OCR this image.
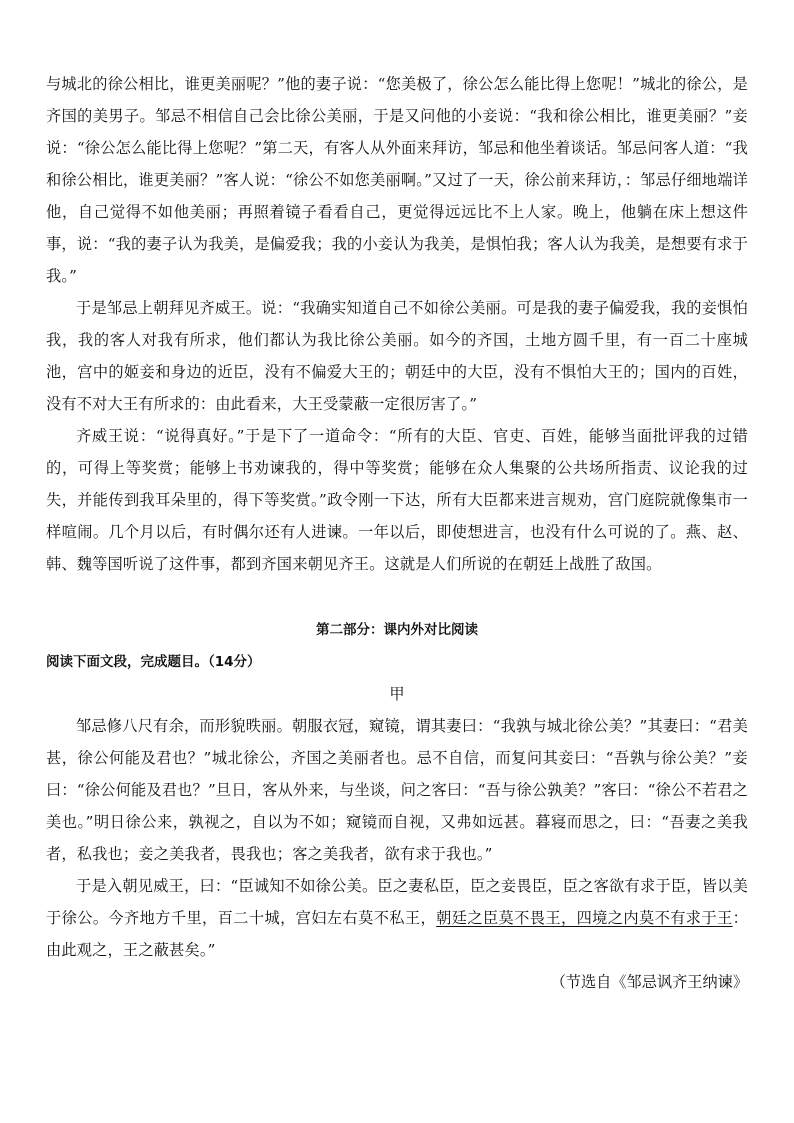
与城北的徐公相比，谁更美丽呢？”他的妻子说：“您美极了，徐公怎么能比得上您呢！”城北的徐公，是齐国的美男子。邹忌不相信自己会比徐公美丽，于是又问他的小妾说：“我和徐公相比，谁更美丽？”妾说：“徐公怎么能比得上您呢？”第二天，有客人从外面来拜访，邹忌和他坐着谈话。邹忌问客人道：“我和徐公相比，谁更美丽？”客人说：“徐公不如您美丽啊。”又过了一天，徐公前来拜访，：邹忌仔细地端详他，自己觉得不如他美丽；再照着镜子看看自己，更觉得远远比不上人家。晚上，他躺在床上想这件事，说：“我的妻子认为我美，是偏爱我；我的小妾认为我美，是惧怕我；客人认为我美，是想要有求于我。”

于是邹忌上朝拜见齐威王。说：“我确实知道自己不如徐公美丽。可是我的妻子偏爱我，我的妾惧怕我，我的客人对我有所求，他们都认为我比徐公美丽。如今的齐国，土地方圆千里，有一百二十座城池，宫中的姬妾和身边的近臣，没有不偏爱大王的；朝廷中的大臣，没有不惧怕大王的；国内的百姓，没有不对大王有所求的：由此看来，大王受蒙蔽一定很厉害了。”

齐威王说：“说得真好。”于是下了一道命令：“所有的大臣、官吏、百姓，能够当面批评我的过错的，可得上等奖赏；能够上书劝谏我的，得中等奖赏；能够在众人集聚的公共场所指责、议论我的过失，并能传到我耳朵里的，得下等奖赏。”政令刚一下达，所有大臣都来进言规劝，宫门庭院就像集市一样喧闹。几个月以后，有时偶尔还有人进谏。一年以后，即使想进言，也没有什么可说的了。燕、赵、韩、魏等国听说了这件事，都到齐国来朝见齐王。这就是人们所说的在朝廷上战胜了敌国。

第二部分：课内外对比阅读

阅读下面文段，完成题目。（14分）

甲

邹忌修八尺有余，而形貌昳丽。朝服衣冠，窥镜，谓其妻曰：“我孰与城北徐公美？”其妻曰：“君美甚，徐公何能及君也？”城北徐公，齐国之美丽者也。忌不自信，而复问其妾曰：“吾孰与徐公美？”妾曰：“徐公何能及君也？”旦日，客从外来，与坐谈，问之客曰：“吾与徐公孰美？”客曰：“徐公不若君之美也。”明日徐公来，孰视之，自以为不如；窥镜而自视，又弗如远甚。暮寝而思之，曰：“吾妻之美我者，私我也；妾之美我者，畏我也；客之美我者，欲有求于我也。”

于是入朝见威王，曰：“臣诚知不如徐公美。臣之妻私臣，臣之妾畏臣，臣之客欲有求于臣，皆以美于徐公。今齐地方千里，百二十城，宫妇左右莫不私王，朝廷之臣莫不畏王，四境之内莫不有求于王：由此观之，王之蔽甚矣。”

（节选自《邹忌讽齐王纳谏》
